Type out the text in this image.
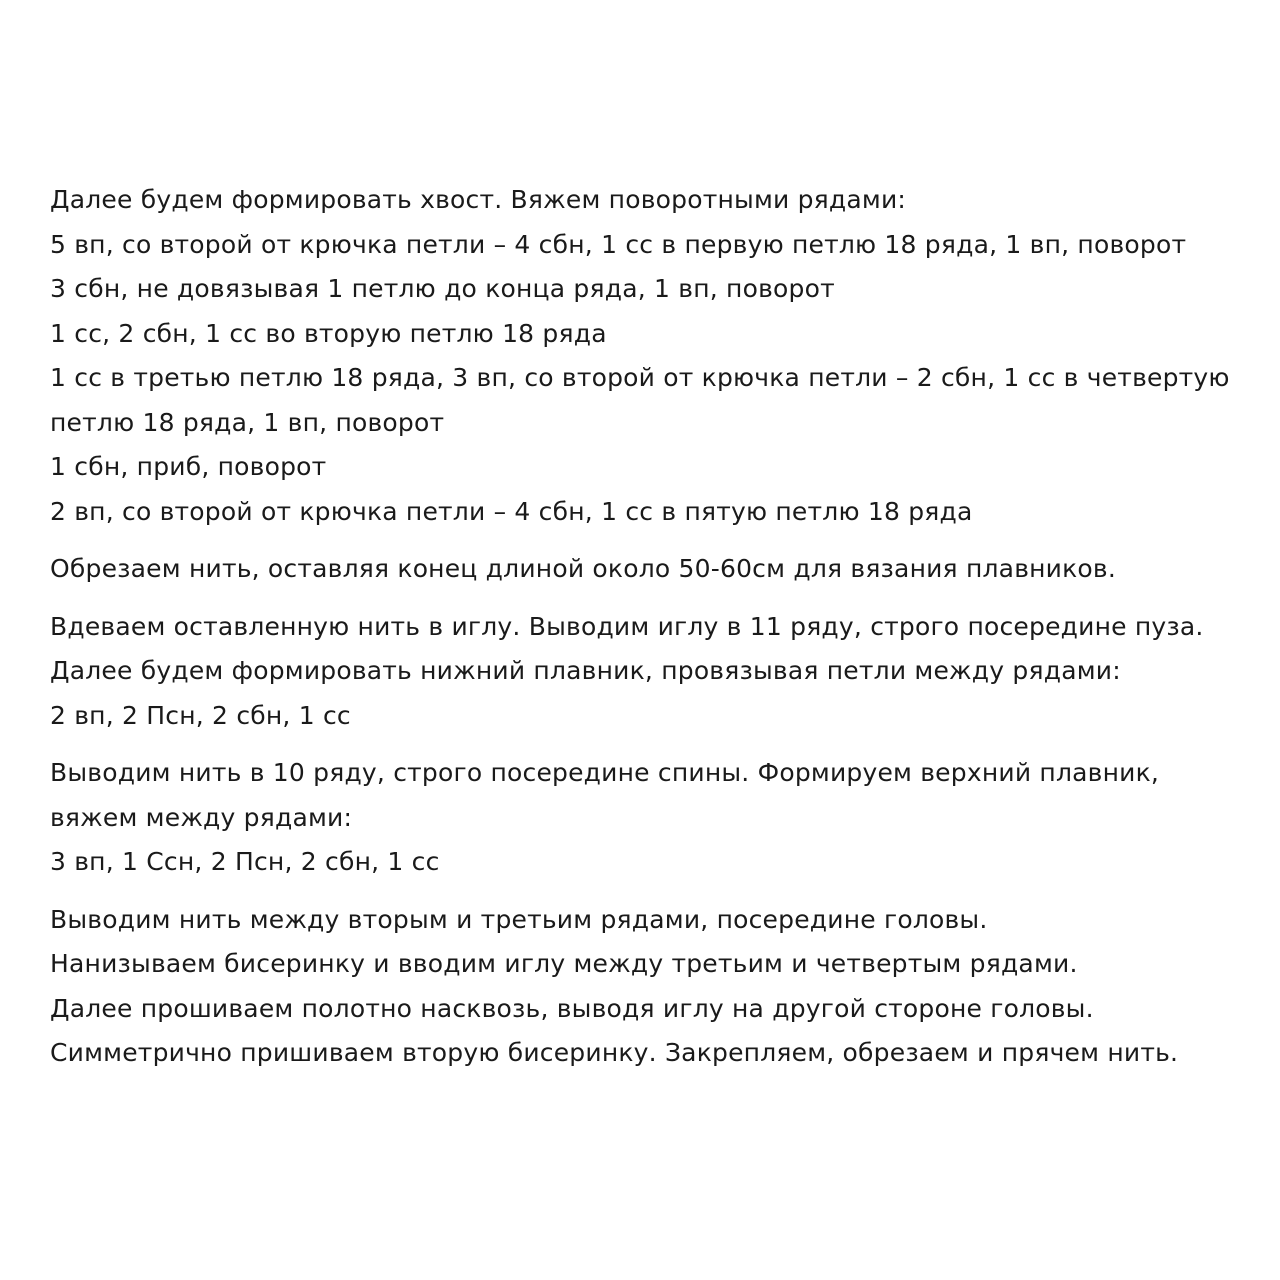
Далее будем формировать хвост. Вяжем поворотными рядами:
5 вп, со второй от крючка петли – 4 сбн, 1 сс в первую петлю 18 ряда, 1 вп, поворот
3 сбн, не довязывая 1 петлю до конца ряда, 1 вп, поворот
1 сс, 2 сбн, 1 сс во вторую петлю 18 ряда
1 сс в третью петлю 18 ряда, 3 вп, со второй от крючка петли – 2 сбн, 1 сс в четвертую
петлю 18 ряда, 1 вп, поворот
1 сбн, приб, поворот
2 вп, со второй от крючка петли – 4 сбн, 1 сс в пятую петлю 18 ряда

Обрезаем нить, оставляя конец длиной около 50-60см для вязания плавников.

Вдеваем оставленную нить в иглу. Выводим иглу в 11 ряду, строго посередине пуза.
Далее будем формировать нижний плавник, провязывая петли между рядами:
2 вп, 2 Псн, 2 сбн, 1 сс

Выводим нить в 10 ряду, строго посередине спины. Формируем верхний плавник,
вяжем между рядами:
3 вп, 1 Ссн, 2 Псн, 2 сбн, 1 сс

Выводим нить между вторым и третьим рядами, посередине головы.
Нанизываем бисеринку и вводим иглу между третьим и четвертым рядами.
Далее прошиваем полотно насквозь, выводя иглу на другой стороне головы.
Симметрично пришиваем вторую бисеринку. Закрепляем, обрезаем и прячем нить.
